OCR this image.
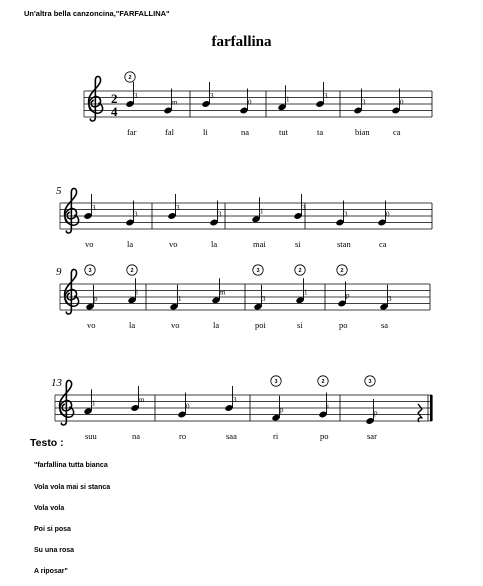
Un'altra bella canzoncina,"FARFALLINA"
farfallina
2
4
3
2
far
m
fal
3
li
0
na
1
tut
3
ta
3
bian
0
ca
5
3
vo
3
la
3
vo
3
la
1
mai
3
si
3
stan
0
ca
9
p
3
vo
i
2
la
1
vo
m
la
3
3
poi
1
2
si
p
2
po
3
sa
13
1
suu
m
na
0
ro
3
saa
p
3
ri
i
2
po
p
3
sar
Testo :
"farfallina tutta bianca
Vola vola mai si stanca
Vola vola
Poi si posa
Su una rosa
A riposar"
